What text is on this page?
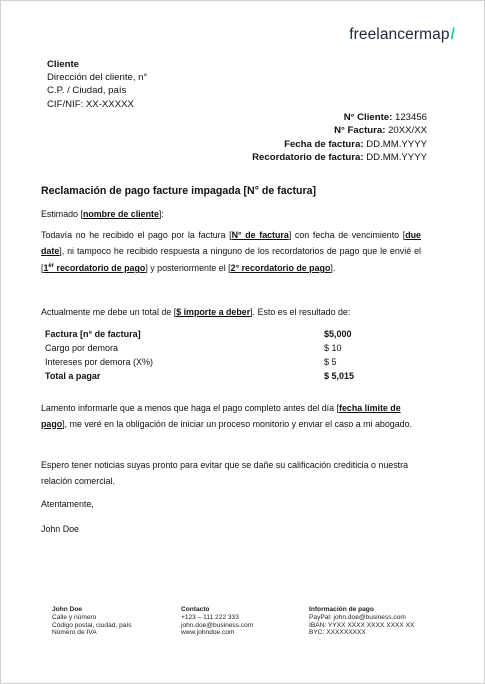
freelancermap/
Cliente
Dirección del cliente, n°
C.P. / Ciudad, país
CIF/NIF: XX-XXXXX
N° Cliente: 123456
N° Factura: 20XX/XX
Fecha de factura: DD.MM.YYYY
Recordatorio de factura: DD.MM.YYYY
Reclamación de pago facture impagada [N° de factura]
Estimado [nombre de cliente]:
Todavía no he recibido el pago por la factura [N° de factura] con fecha de vencimiento [due date], ni tampoco he recibido respuesta a ninguno de los recordatorios de pago que le envié el [1er recordatorio de pago] y posteriormente el [2° recordatorio de pago].
Actualmente me debe un total de [$ importe a deber]. Esto es el resultado de:
Factura [n° de factura]	$5,000
Cargo por demora	$ 10
Intereses por demora (X%)	$ 5
Total a pagar	$ 5,015
Lamento informarle que a menos que haga el pago completo antes del día [fecha límite de pago], me veré en la obligación de iniciar un proceso monitorio y enviar el caso a mi abogado.
Espero tener noticias suyas pronto para evitar que se dañe su calificación crediticia o nuestra relación comercial.
Atentamente,
John Doe
John Doe
Calle y número
Código postal, ciudad, país
Número de IVA
Contacto
+123 – 111 222 333
john.doe@business.com
www.johndoe.com
Información de pago
PayPal: john.doe@business.com
IBAN: YYXX XXXX XXXX XXXX XX
BYC: XXXXXXXXX
